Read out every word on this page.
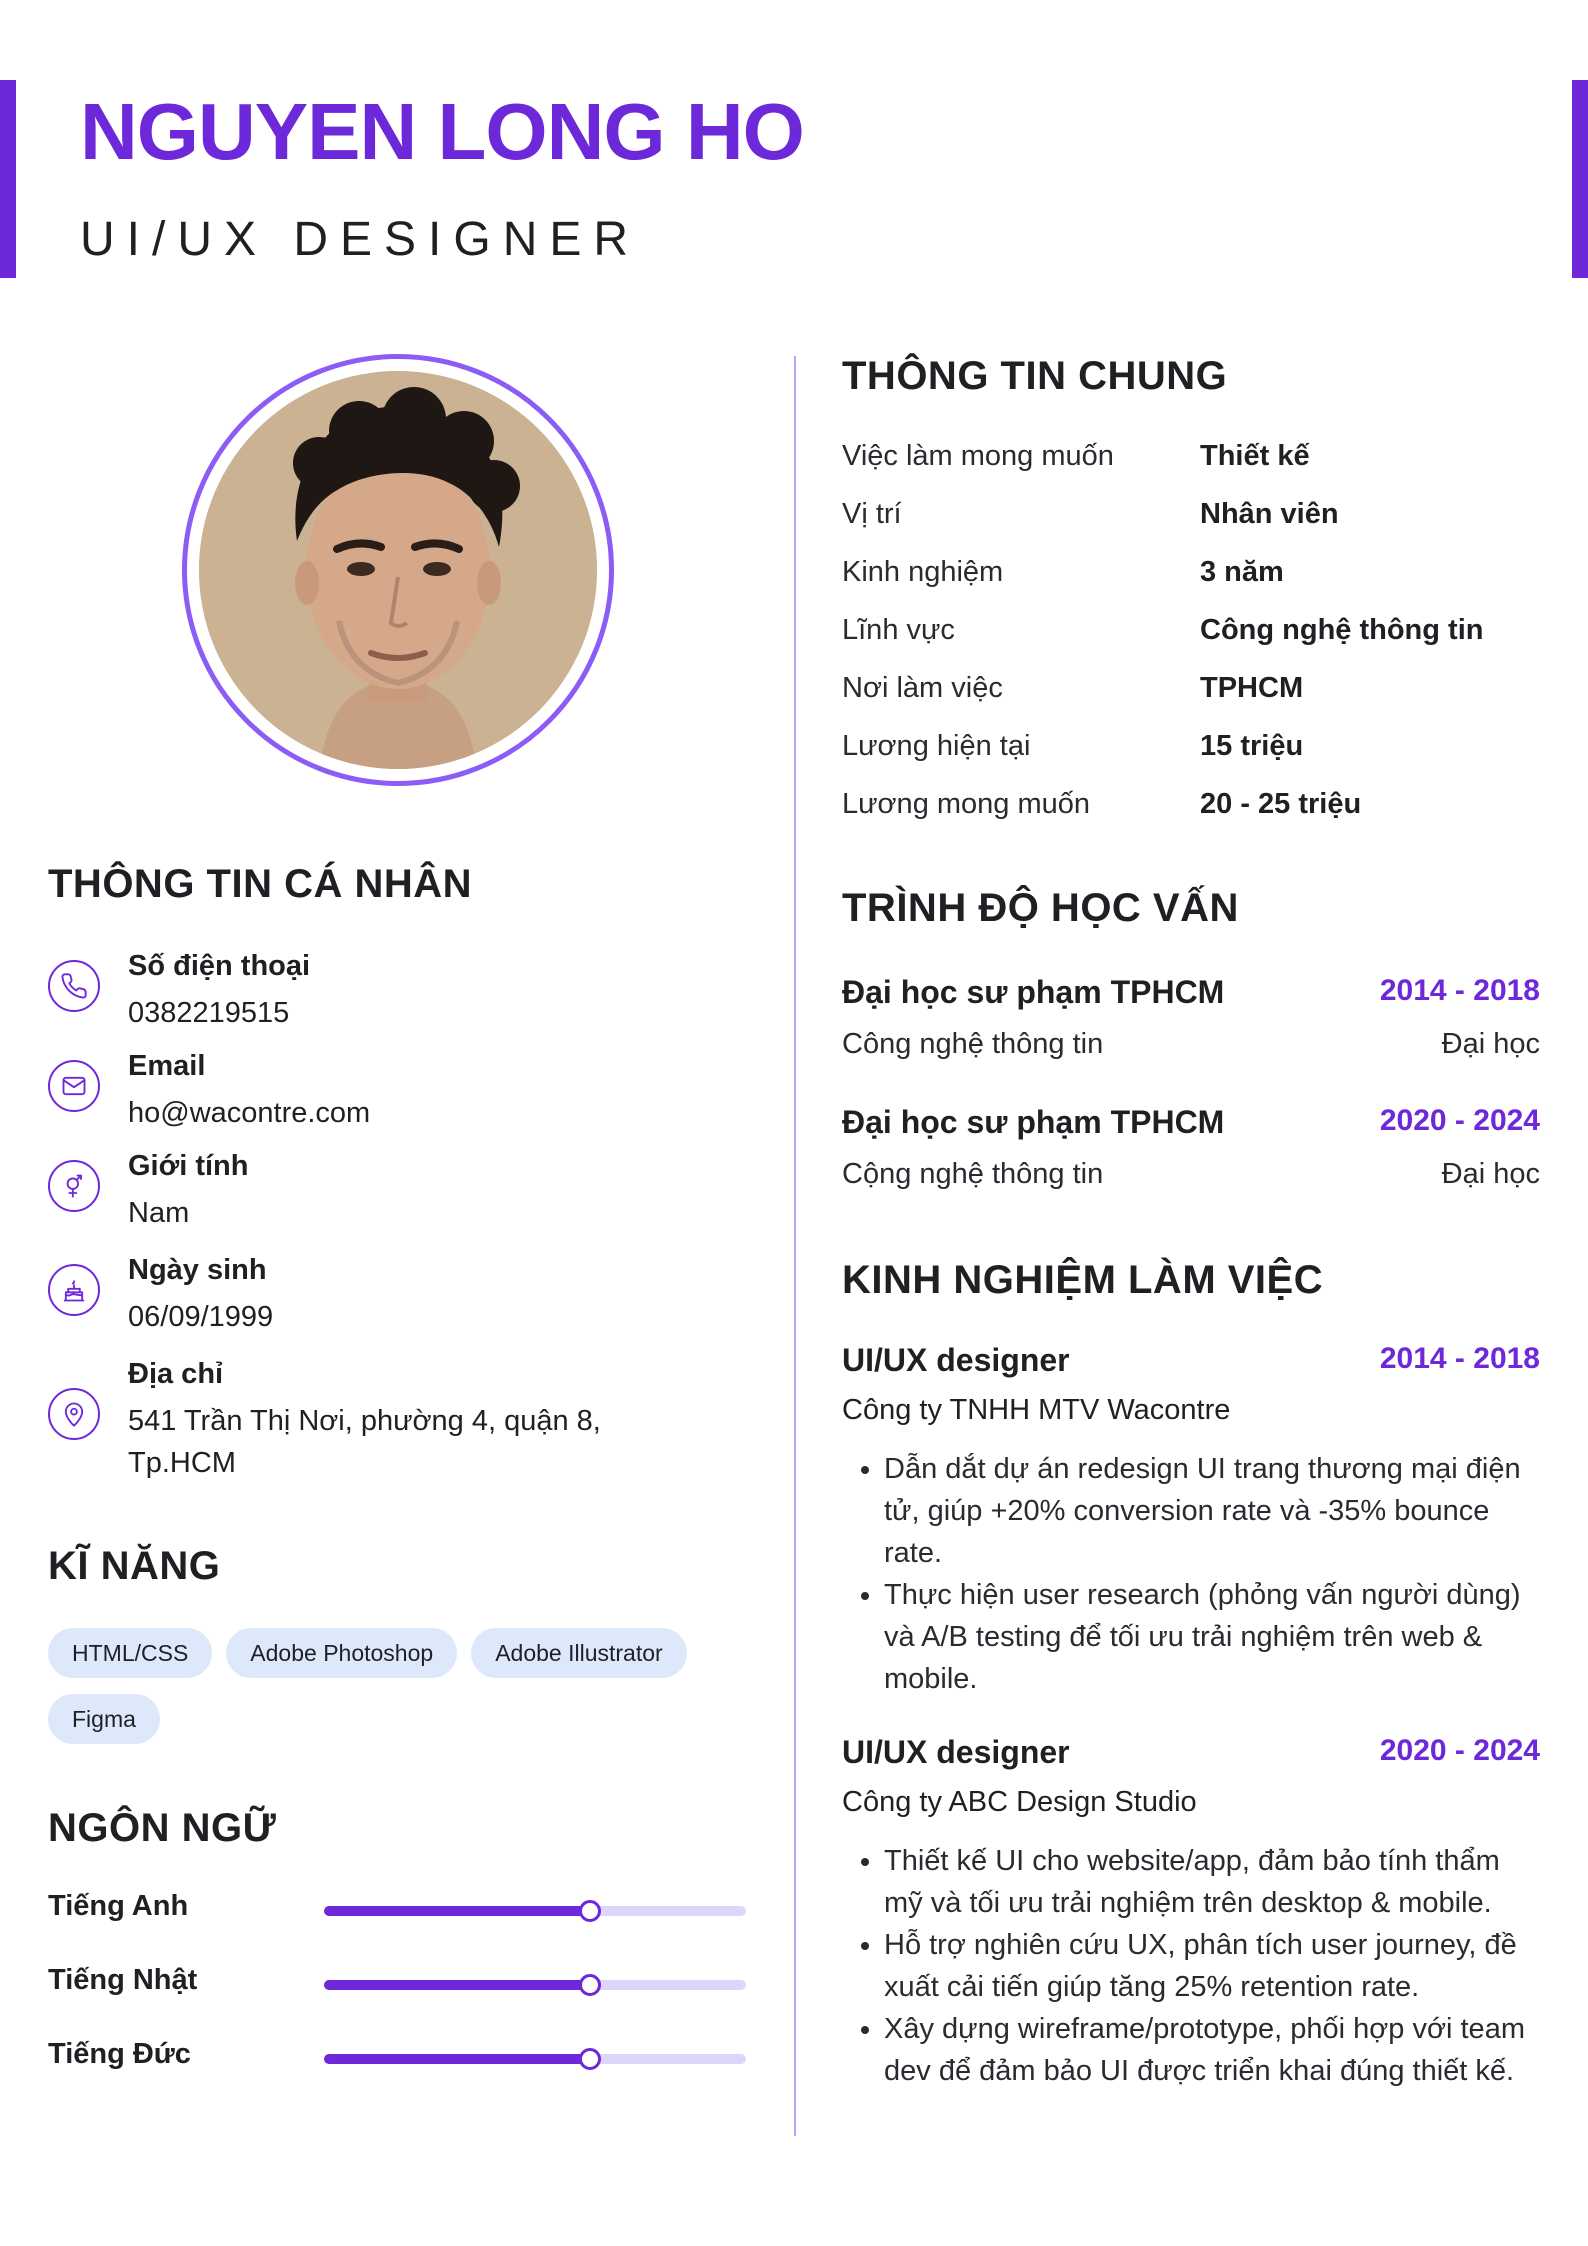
NGUYEN LONG HO
UI/UX DESIGNER
THÔNG TIN CÁ NHÂN
Số điện thoại
0382219515
Email
ho@wacontre.com
Giới tính
Nam
Ngày sinh
06/09/1999
Địa chỉ
541 Trần Thị Nơi, phường 4, quận 8, Tp.HCM
KĨ NĂNG
HTML/CSS	Adobe Photoshop	Adobe IllustratorFigma
NGÔN NGỮ
Tiếng Anh
Tiếng Nhật
Tiếng Đức
THÔNG TIN CHUNG
Việc làm mong muốn	Thiết kế
Vị trí	Nhân viên
Kinh nghiệm	3 năm
Lĩnh vực	Công nghệ thông tin
Nơi làm việc	TPHCM
Lương hiện tại	15 triệu
Lương mong muốn	20 - 25 triệu
TRÌNH ĐỘ HỌC VẤN
Đại học sư phạm TPHCM	2014 - 2018
Công nghệ thông tin	Đại học
Đại học sư phạm TPHCM	2020 - 2024
Cộng nghệ thông tin	Đại học
KINH NGHIỆM LÀM VIỆC
UI/UX designer	2014 - 2018
Công ty TNHH MTV Wacontre
• Dẫn dắt dự án redesign UI trang thương mại điện tử, giúp +20% conversion rate và -35% bounce rate.
• Thực hiện user research (phỏng vấn người dùng) và A/B testing để tối ưu trải nghiệm trên web & mobile.
UI/UX designer	2020 - 2024
Công ty ABC Design Studio
• Thiết kế UI cho website/app, đảm bảo tính thẩm mỹ và tối ưu trải nghiệm trên desktop & mobile.
• Hỗ trợ nghiên cứu UX, phân tích user journey, đề xuất cải tiến giúp tăng 25% retention rate.
• Xây dựng wireframe/prototype, phối hợp với team dev để đảm bảo UI được triển khai đúng thiết kế.
